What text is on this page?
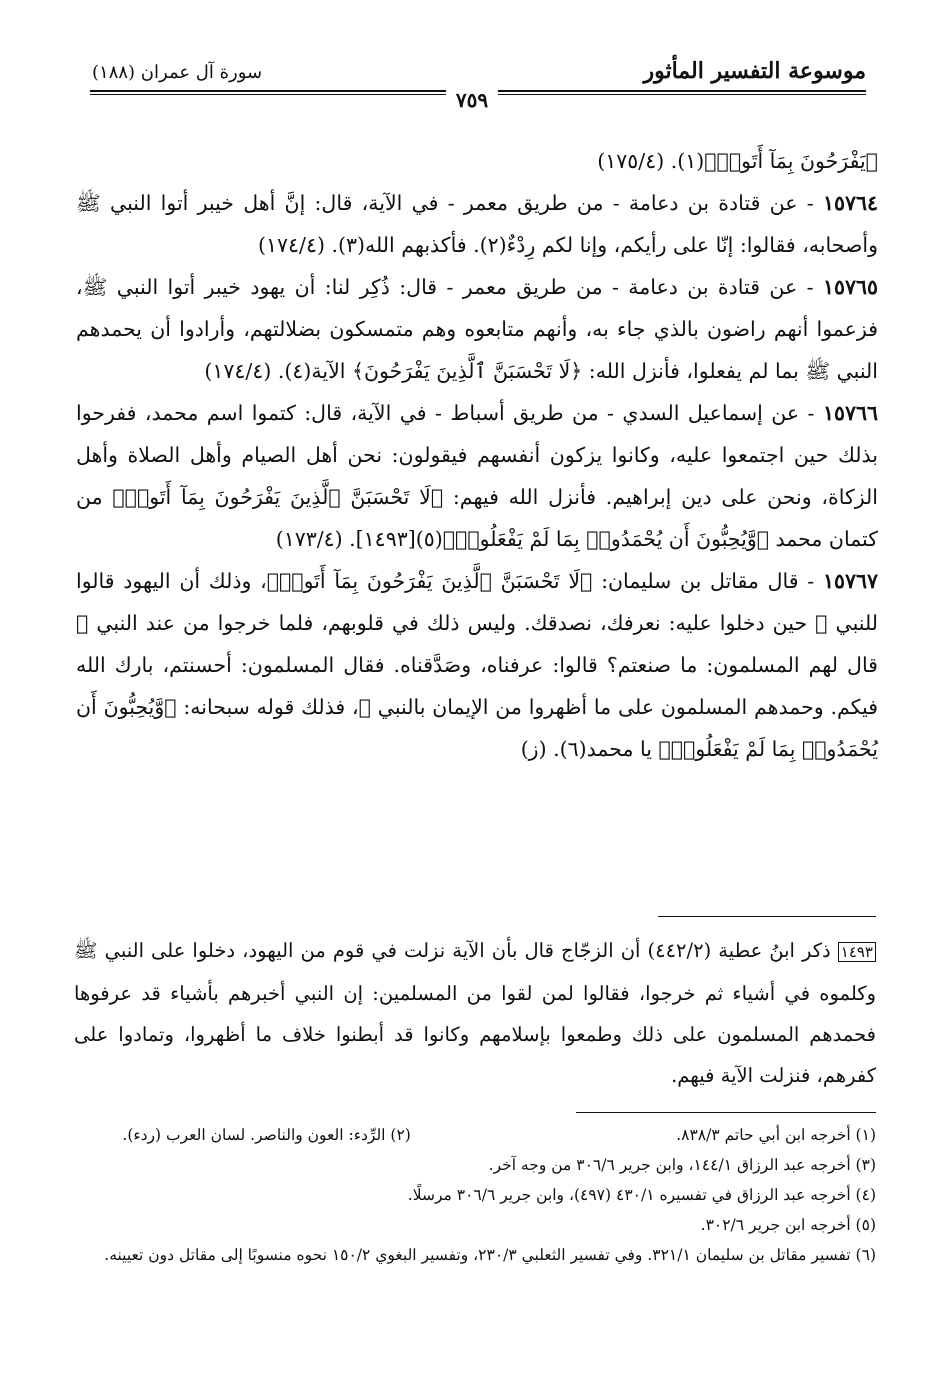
موسوعة التفسير المأثور
سورة آل عمران (١٨٨)
٧٥٩

﴿يَفْرَحُونَ بِمَآ أَتَوا۟﴾(١). (١٧٥/٤)

١٥٧٦٤ - عن قتادة بن دعامة - من طريق معمر - في الآية، قال: إنَّ أهل خيبر أتوا النبي ﷺ وأصحابه، فقالوا: إنّا على رأيكم، وإنا لكم رِدْءٌ(٢). فأكذبهم الله(٣). (١٧٤/٤)

١٥٧٦٥ - عن قتادة بن دعامة - من طريق معمر - قال: ذُكِر لنا: أن يهود خيبر أتوا النبي ﷺ، فزعموا أنهم راضون بالذي جاء به، وأنهم متابعوه وهم متمسكون بضلالتهم، وأرادوا أن يحمدهم النبي ﷺ بما لم يفعلوا، فأنزل الله: ﴿لَا تَحْسَبَنَّ ٱلَّذِينَ يَفْرَحُونَ﴾ الآية(٤). (١٧٤/٤)

١٥٧٦٦ - عن إسماعيل السدي - من طريق أسباط - في الآية، قال: كتموا اسم محمد، ففرحوا بذلك حين اجتمعوا عليه، وكانوا يزكون أنفسهم فيقولون: نحن أهل الصيام وأهل الصلاة وأهل الزكاة، ونحن على دين إبراهيم. فأنزل الله فيهم: ﴿لَا تَحْسَبَنَّ ٱلَّذِينَ يَفْرَحُونَ بِمَآ أَتَوا۟﴾ من كتمان محمد ﴿وَّيُحِبُّونَ أَن يُحْمَدُوا۟ بِمَا لَمْ يَفْعَلُوا۟﴾(٥)[١٤٩٣]. (١٧٣/٤)

١٥٧٦٧ - قال مقاتل بن سليمان: ﴿لَا تَحْسَبَنَّ ٱلَّذِينَ يَفْرَحُونَ بِمَآ أَتَوا۟﴾، وذلك أن اليهود قالوا للنبي ﷺ حين دخلوا عليه: نعرفك، نصدقك. وليس ذلك في قلوبهم، فلما خرجوا من عند النبي ﷺ قال لهم المسلمون: ما صنعتم؟ قالوا: عرفناه، وصَدَّقناه. فقال المسلمون: أحسنتم، بارك الله فيكم. وحمدهم المسلمون على ما أظهروا من الإيمان بالنبي ﷺ، فذلك قوله سبحانه: ﴿وَّيُحِبُّونَ أَن يُحْمَدُوا۟ بِمَا لَمْ يَفْعَلُوا۟﴾ يا محمد(٦). (ز)

١٤٩٣ ذكر ابنُ عطية (٤٤٢/٢) أن الزجّاج قال بأن الآية نزلت في قوم من اليهود، دخلوا على النبي ﷺ وكلموه في أشياء ثم خرجوا، فقالوا لمن لقوا من المسلمين: إن النبي أخبرهم بأشياء قد عرفوها فحمدهم المسلمون على ذلك وطمعوا بإسلامهم وكانوا قد أبطنوا خلاف ما أظهروا، وتمادوا على كفرهم، فنزلت الآية فيهم.
(١) أخرجه ابن أبي حاتم ٨٣٨/٣.
(٢) الرِّدء: العون والناصر. لسان العرب (ردء).
(٣) أخرجه عبد الرزاق ١٤٤/١، وابن جرير ٣٠٦/٦ من وجه آخر.
(٤) أخرجه عبد الرزاق في تفسيره ٤٣٠/١ (٤٩٧)، وابن جرير ٣٠٦/٦ مرسلًا.
(٥) أخرجه ابن جرير ٣٠٢/٦.
(٦) تفسير مقاتل بن سليمان ٣٢١/١. وفي تفسير الثعلبي ٢٣٠/٣، وتفسير البغوي ١٥٠/٢ نحوه منسوبًا إلى مقاتل دون تعيينه.
